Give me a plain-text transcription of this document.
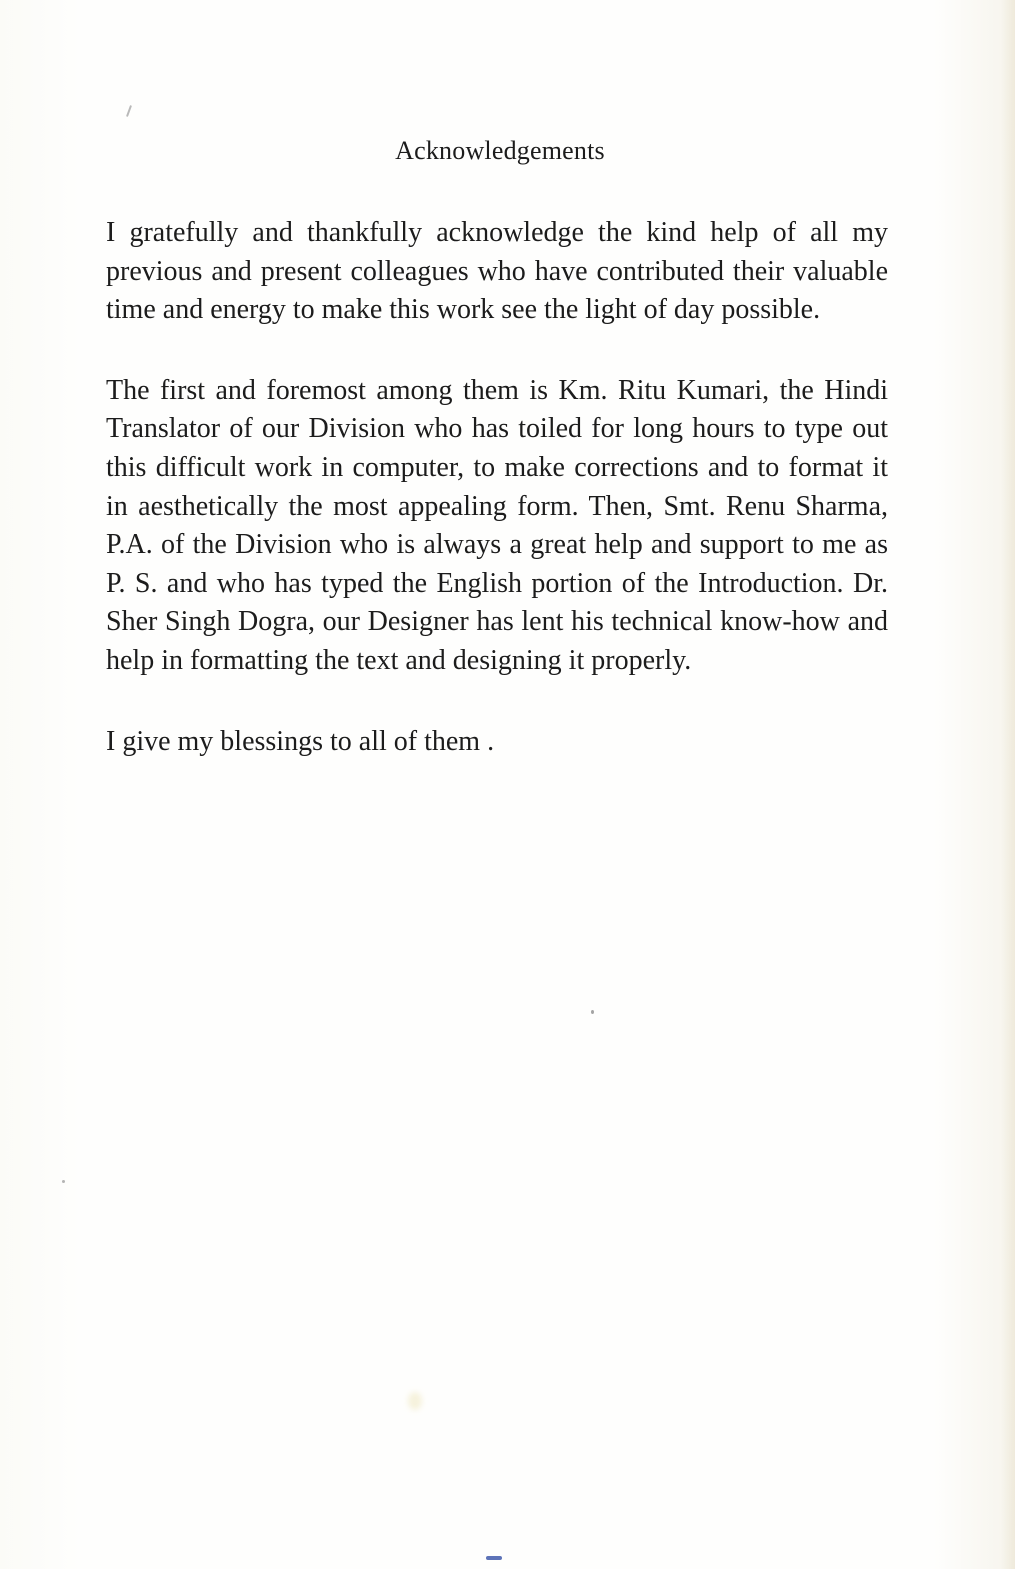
Acknowledgements

I gratefully and thankfully acknowledge the kind help of all my previous and present colleagues who have contributed their valuable time and energy to make this work see the light of day possible.

The first and foremost among them is Km. Ritu Kumari, the Hindi Translator of our Division who has toiled for long hours to type out this difficult work in computer, to make corrections and to format it in aesthetically the most appealing form. Then, Smt. Renu Sharma, P.A. of the Division who is always a great help and support to me as P. S. and who has typed the English portion of the Introduction. Dr. Sher Singh Dogra, our Designer has lent his technical know-how and help in formatting the text and designing it properly.

I give my blessings to all of them .
